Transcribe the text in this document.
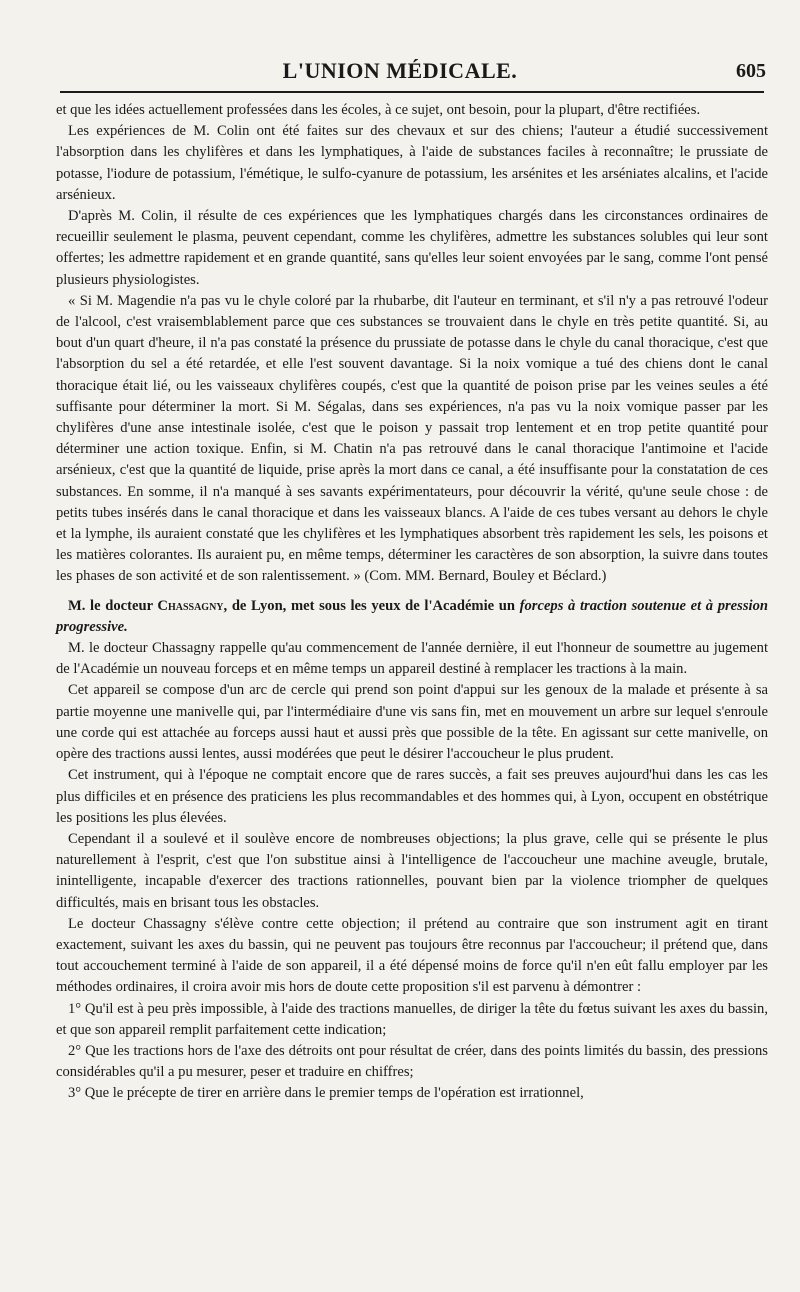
L'UNION MÉDICALE.	605

et que les idées actuellement professées dans les écoles, à ce sujet, ont besoin, pour la plupart, d'être rectifiées.

Les expériences de M. Colin ont été faites sur des chevaux et sur des chiens; l'auteur a étudié successivement l'absorption dans les chylifères et dans les lymphatiques, à l'aide de substances faciles à reconnaître; le prussiate de potasse, l'iodure de potassium, l'émétique, le sulfo-cyanure de potassium, les arsénites et les arséniates alcalins, et l'acide arsénieux.

D'après M. Colin, il résulte de ces expériences que les lymphatiques chargés dans les circonstances ordinaires de recueillir seulement le plasma, peuvent cependant, comme les chylifères, admettre les substances solubles qui leur sont offertes; les admettre rapidement et en grande quantité, sans qu'elles leur soient envoyées par le sang, comme l'ont pensé plusieurs physiologistes.

« Si M. Magendie n'a pas vu le chyle coloré par la rhubarbe, dit l'auteur en terminant, et s'il n'y a pas retrouvé l'odeur de l'alcool, c'est vraisemblablement parce que ces substances se trouvaient dans le chyle en très petite quantité. Si, au bout d'un quart d'heure, il n'a pas constaté la présence du prussiate de potasse dans le chyle du canal thoracique, c'est que l'absorption du sel a été retardée, et elle l'est souvent davantage. Si la noix vomique a tué des chiens dont le canal thoracique était lié, ou les vaisseaux chylifères coupés, c'est que la quantité de poison prise par les veines seules a été suffisante pour déterminer la mort. Si M. Ségalas, dans ses expériences, n'a pas vu la noix vomique passer par les chylifères d'une anse intestinale isolée, c'est que le poison y passait trop lentement et en trop petite quantité pour déterminer une action toxique. Enfin, si M. Chatin n'a pas retrouvé dans le canal thoracique l'antimoine et l'acide arsénieux, c'est que la quantité de liquide, prise après la mort dans ce canal, a été insuffisante pour la constatation de ces substances. En somme, il n'a manqué à ses savants expérimentateurs, pour découvrir la vérité, qu'une seule chose : de petits tubes insérés dans le canal thoracique et dans les vaisseaux blancs. A l'aide de ces tubes versant au dehors le chyle et la lymphe, ils auraient constaté que les chylifères et les lymphatiques absorbent très rapidement les sels, les poisons et les matières colorantes. Ils auraient pu, en même temps, déterminer les caractères de son absorption, la suivre dans toutes les phases de son activité et de son ralentissement. » (Com. MM. Bernard, Bouley et Béclard.)

M. le docteur Chassagny, de Lyon, met sous les yeux de l'Académie un forceps à traction soutenue et à pression progressive.

M. le docteur Chassagny rappelle qu'au commencement de l'année dernière, il eut l'honneur de soumettre au jugement de l'Académie un nouveau forceps et en même temps un appareil destiné à remplacer les tractions à la main.

Cet appareil se compose d'un arc de cercle qui prend son point d'appui sur les genoux de la malade et présente à sa partie moyenne une manivelle qui, par l'intermédiaire d'une vis sans fin, met en mouvement un arbre sur lequel s'enroule une corde qui est attachée au forceps aussi haut et aussi près que possible de la tête. En agissant sur cette manivelle, on opère des tractions aussi lentes, aussi modérées que peut le désirer l'accoucheur le plus prudent.

Cet instrument, qui à l'époque ne comptait encore que de rares succès, a fait ses preuves aujourd'hui dans les cas les plus difficiles et en présence des praticiens les plus recommandables et des hommes qui, à Lyon, occupent en obstétrique les positions les plus élevées.

Cependant il a soulevé et il soulève encore de nombreuses objections; la plus grave, celle qui se présente le plus naturellement à l'esprit, c'est que l'on substitue ainsi à l'intelligence de l'accoucheur une machine aveugle, brutale, inintelligente, incapable d'exercer des tractions rationnelles, pouvant bien par la violence triompher de quelques difficultés, mais en brisant tous les obstacles.

Le docteur Chassagny s'élève contre cette objection; il prétend au contraire que son instrument agit en tirant exactement, suivant les axes du bassin, qui ne peuvent pas toujours être reconnus par l'accoucheur; il prétend que, dans tout accouchement terminé à l'aide de son appareil, il a été dépensé moins de force qu'il n'en eût fallu employer par les méthodes ordinaires, il croira avoir mis hors de doute cette proposition s'il est parvenu à démontrer :

1° Qu'il est à peu près impossible, à l'aide des tractions manuelles, de diriger la tête du fœtus suivant les axes du bassin, et que son appareil remplit parfaitement cette indication;

2° Que les tractions hors de l'axe des détroits ont pour résultat de créer, dans des points limités du bassin, des pressions considérables qu'il a pu mesurer, peser et traduire en chiffres;

3° Que le précepte de tirer en arrière dans le premier temps de l'opération est irrationnel,
